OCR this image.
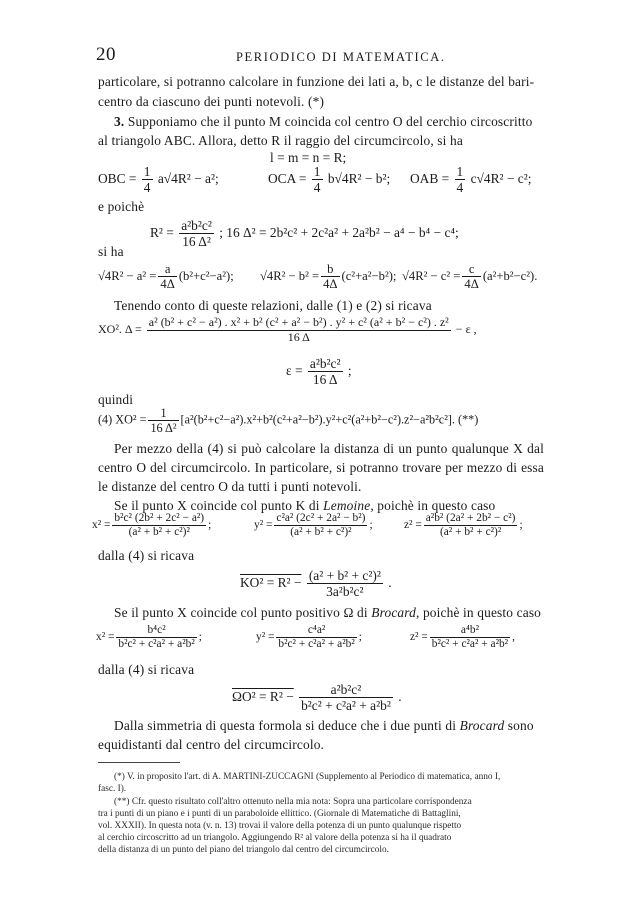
20	PERIODICO DI MATEMATICA.
particolare, si potranno calcolare in funzione dei lati a, b, c le distanze del bari-
centro da ciascuno dei punti notevoli. (*)
3. Supponiamo che il punto M coincida col centro O del cerchio circoscritto
al triangolo ABC. Allora, detto R il raggio del circumcircolo, si ha
l = m = n = R;
OBC = $\frac{1}{4} a√4R^2 - a^2$;	OCA = $\frac{1}{4} b√4R^2 - b^2$; OAB = $\frac{1}{4} c√4R^2 - c^2$;
e poichè
$R^2 = \frac{\text{a²b²c²}}{\text{16 Δ²}}$ ; 16 Δ² = 2b²c² + 2c²a² + 2a²b² − a⁴ − b⁴ − c⁴;
si ha
$√4R^2 - a^2 = \frac{a}{4\Delta} (b^2+c^2-a^2)$; $√4R^2 - b^2 = \frac{b}{4\Delta} (c^2+a^2-b^2)$; $√4R^2 - c^2 = \frac{c}{4\Delta} (a^2+b^2-c^2)$.
Tenendo conto di queste relazioni, dalle (1) e (2) si ricava
XO². Δ =
a² (b² + c² − a²) . x² + b² (c² + a² − b²) . y² + c² (a² + b² − c²) . z²
16 Δ
− ε ,
$\varepsilon = \frac{\text{a²b²c²}}{16 \Delta}$ ;
quindi
(4) $XO^2 = \frac{1}{\text{16 Δ²}} [a^2(b^2+c^2-a^2).x^2+b^2(c^2+a^2-b^2).y^2+c^2(a^2+b^2-c^2).z^2-a^2b^2c^2]$. (**)
Per mezzo della (4) si può calcolare la distanza di un punto qualunque X dal
centro O del circumcircolo. In particolare, si potranno trovare per mezzo di essa
le distanze del centro O da tutti i punti notevoli.
Se il punto X coincide col punto K di Lemoine, poichè in questo caso
$x^2 = \frac{\text{b²c² (2b² + 2c² − a²)}}{\text{(a² + b² + c²)²}}$ ;	$y^2 = \frac{\text{c²a² (2c² + 2a² − b²)}}{\text{(a² + b² + c²)²}}$ ;	$z^2 = \frac{\text{a²b² (2a² + 2b² − c²)}}{\text{(a² + b² + c²)²}}$ ;
dalla (4) si ricava
$KO^2 = R^2 - \frac{\text{(a² + b² + c²)²}}{\text{3a²b²c²}}$ .
Se il punto X coincide col punto positivo Ω di Brocard, poichè in questo caso
$x^2 = \frac{\text{b⁴c²}}{\text{b²c² + c²a² + a²b²}}$ ;	$y^2 = \frac{\text{c⁴a²}}{\text{b²c² + c²a² + a²b²}}$ ;	$z^2 = \frac{\text{a⁴b²}}{\text{b²c² + c²a² + a²b²}}$ ,
dalla (4) si ricava
$\Omega O^2 = R^2 - \frac{\text{a²b²c²}}{\text{b²c² + c²a² + a²b²}}$ .
Dalla simmetria di questa formola si deduce che i due punti di Brocard sono
equidistanti dal centro del circumcircolo.
(*) V. in proposito l'art. di A. MARTINI-ZUCCAGNI (Supplemento al Periodico di matematica, anno I,
fasc. I).
(**) Cfr. questo risultato coll'altro ottenuto nella mia nota: Sopra una particolare corrispondenza
tra i punti di un piano e i punti di un paraboloide ellittico. (Giornale di Matematiche di Battaglini,
vol. XXXII). In questa nota (v. n. 13) trovai il valore della potenza di un punto qualunque rispetto
al cerchio circoscritto ad un triangolo. Aggiungendo R² al valore della potenza si ha il quadrato
della distanza di un punto del piano del triangolo dal centro del circumcircolo.
